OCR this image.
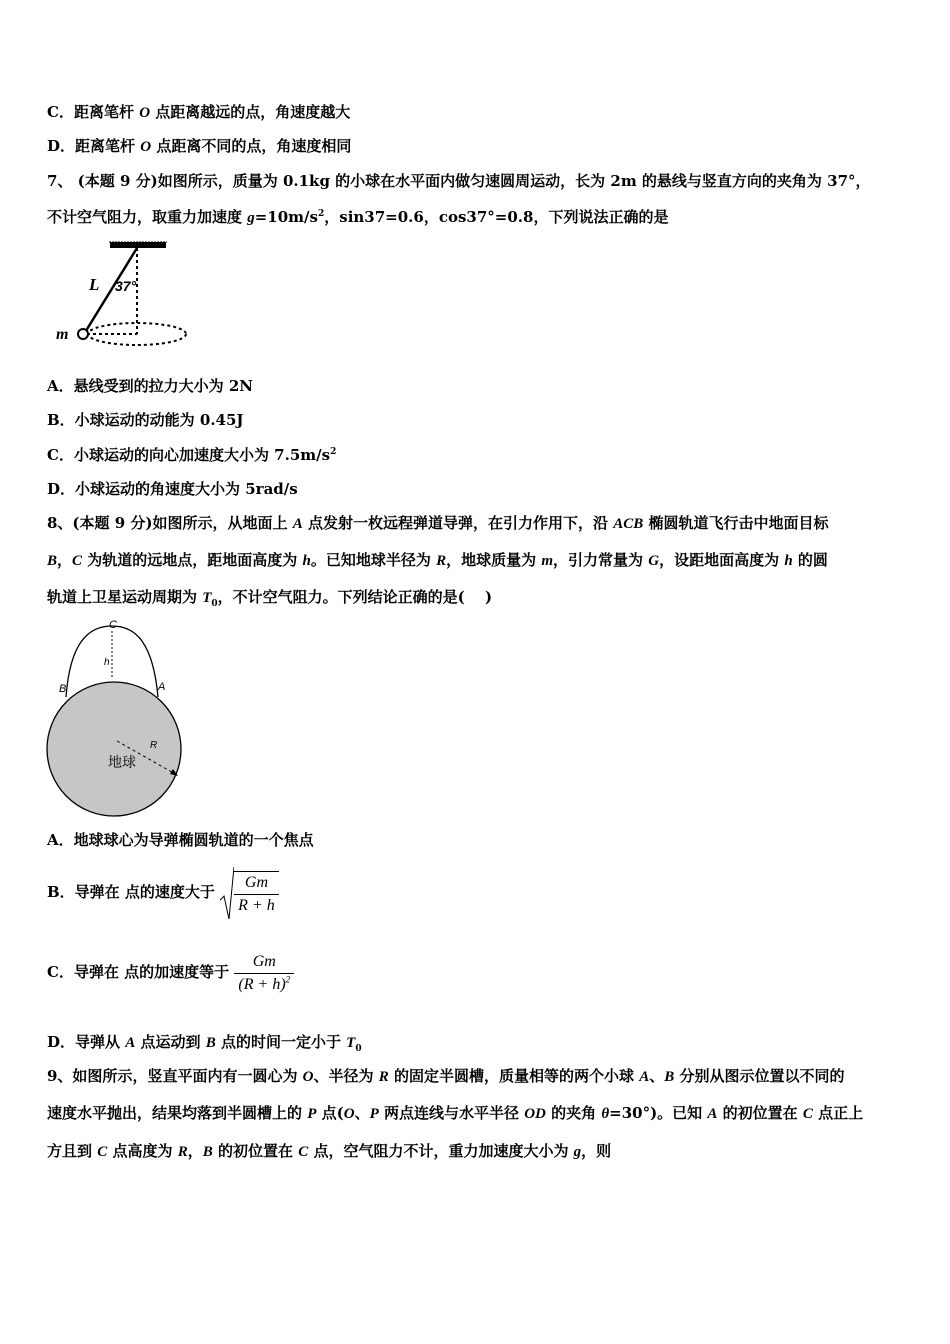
C．距离笔杆 O 点距离越远的点，角速度越大
D．距离笔杆 O 点距离不同的点，角速度相同
7、 (本题 9 分)如图所示，质量为 0.1kg 的小球在水平面内做匀速圆周运动，长为 2m 的悬线与竖直方向的夹角为 37°，
不计空气阻力，取重力加速度 $g=10m/s^2$，sin37=0.6，cos37°=0.8，下列说法正确的是
L 37°
m
A．悬线受到的拉力大小为 2N
B．小球运动的动能为 0.45J
C．小球运动的向心加速度大小为 $7.5m/s^2$
D．小球运动的角速度大小为 5rad/s
8、(本题 9 分)如图所示，从地面上 A 点发射一枚远程弹道导弹，在引力作用下，沿 ACB 椭圆轨道飞行击中地面目标
B，C 为轨道的远地点，距地面高度为 h。已知地球半径为 R，地球质量为 m，引力常量为 G，设距地面高度为 h 的圆
轨道上卫星运动周期为 $T_0$，不计空气阻力。下列结论正确的是(　 )
C
h
B	A
R
地球
A．地球球心为导弹椭圆轨道的一个焦点
B．导弹在 点的速度大于 $\frac{Gm}{R + h}$
C．导弹在 点的加速度等于 $\frac{Gm}{(R + h)^2}$
D．导弹从 A 点运动到 B 点的时间一定小于 $T_0$
9、如图所示，竖直平面内有一圆心为 O、半径为 R 的固定半圆槽，质量相等的两个小球 A、B 分别从图示位置以不同的
速度水平抛出，结果均落到半圆槽上的 P 点(O、P 两点连线与水平半径 OD 的夹角 θ=30°)。已知 A 的初位置在 C 点正上
方且到 C 点高度为 R，B 的初位置在 C 点，空气阻力不计，重力加速度大小为 g，则
